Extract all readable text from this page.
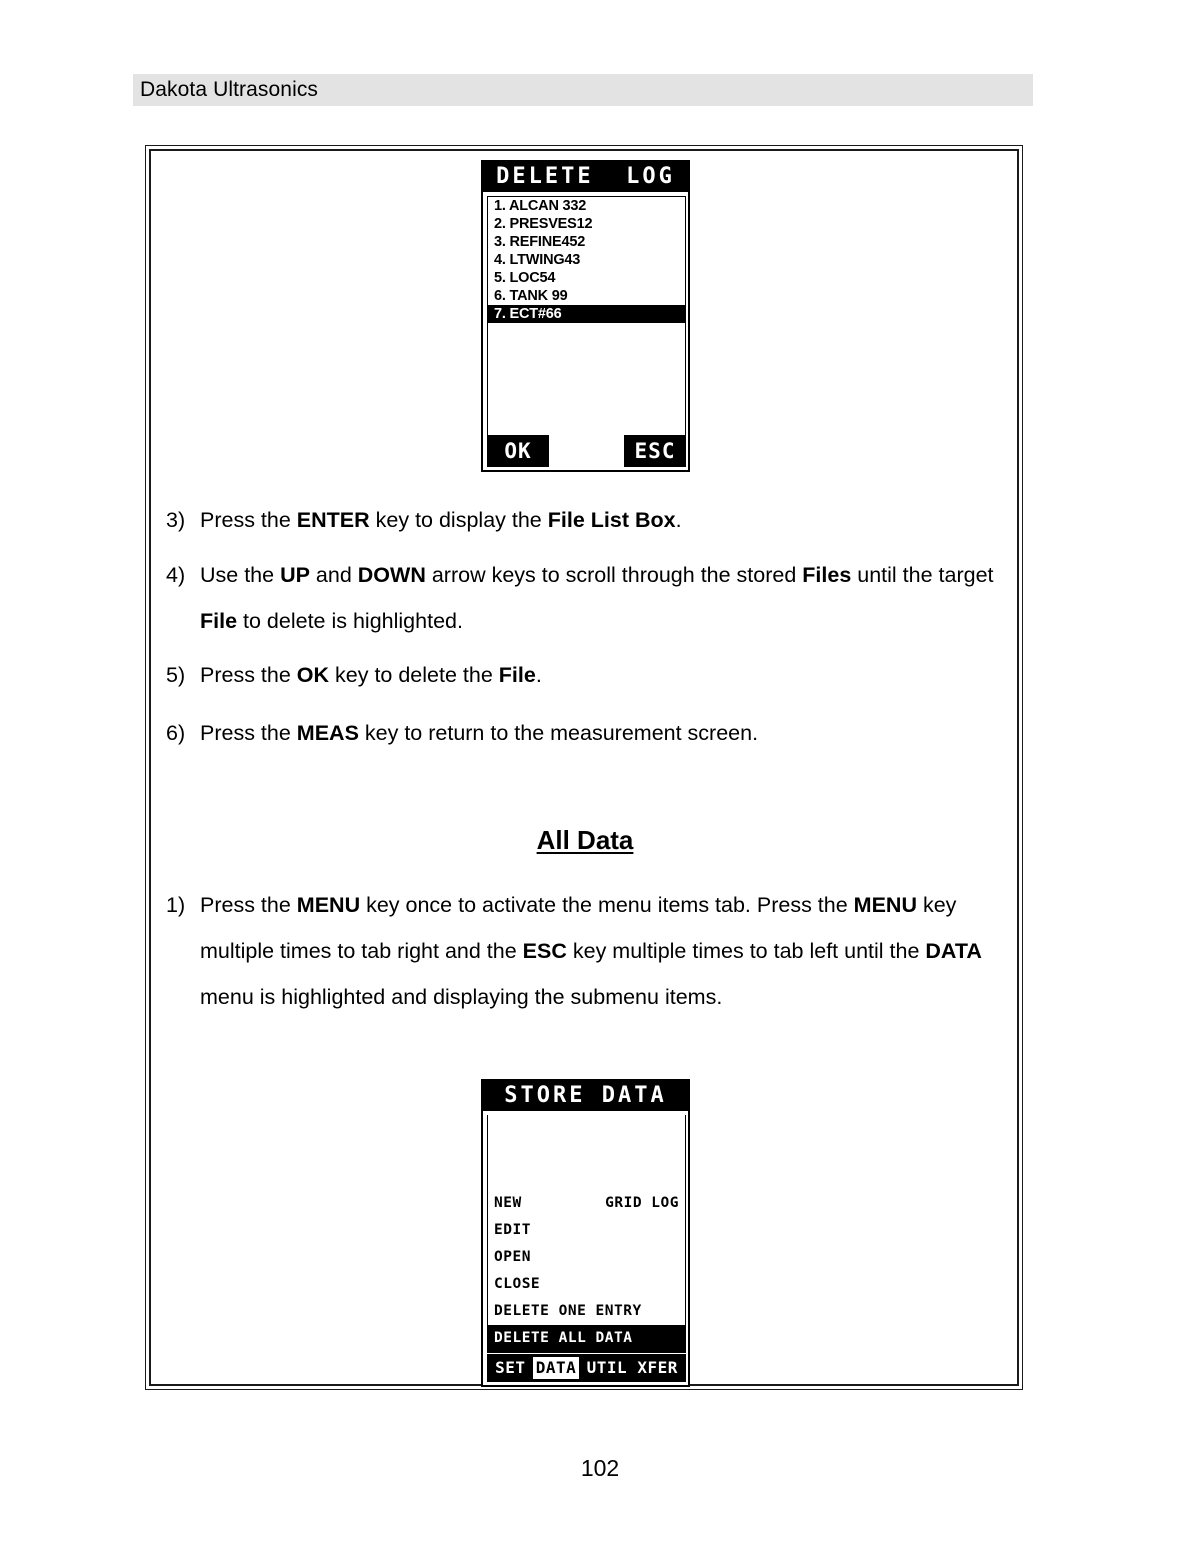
Dakota Ultrasonics
DELETE  LOG
1. ALCAN 332
2. PRESVES12
3. REFINE452
4. LTWING43
5. LOC54
6. TANK 99
7. ECT#66
OK	ESC
3) Press the ENTER key to display the File List Box.
4) Use the UP and DOWN arrow keys to scroll through the stored Files until the target File to delete is highlighted.
5) Press the OK key to delete the File.
6) Press the MEAS key to return to the measurement screen.
All Data
1) Press the MENU key once to activate the menu items tab. Press the MENU key multiple times to tab right and the ESC key multiple times to tab left until the DATA menu is highlighted and displaying the submenu items.
STORE DATA
NEW	GRID LOG
EDIT
OPEN
CLOSE
DELETE ONE ENTRY
DELETE ALL DATA
SET DATA UTIL XFER
102
